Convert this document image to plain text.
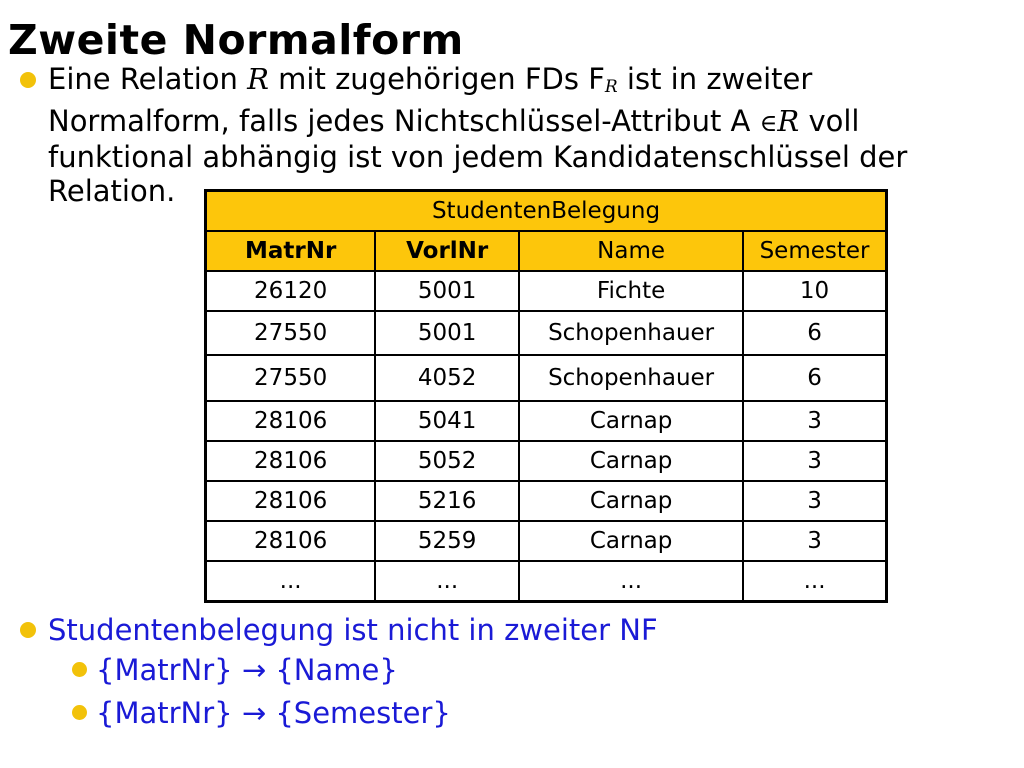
Zweite Normalform

Eine Relation R mit zugehörigen FDs FR ist in zweiter
Normalform, falls jedes Nichtschlüssel-Attribut A ∈R voll
funktional abhängig ist von jedem Kandidatenschlüssel der
Relation.

StudentenBelegung			
MatrNr	VorlNr	Name	Semester
26120	5001	Fichte	10
27550	5001	Schopenhauer	6
27550	4052	Schopenhauer	6
28106	5041	Carnap	3
28106	5052	Carnap	3
28106	5216	Carnap	3
28106	5259	Carnap	3
...	...	...	...

Studentenbelegung ist nicht in zweiter NF

{MatrNr} → {Name}

{MatrNr} → {Semester}
